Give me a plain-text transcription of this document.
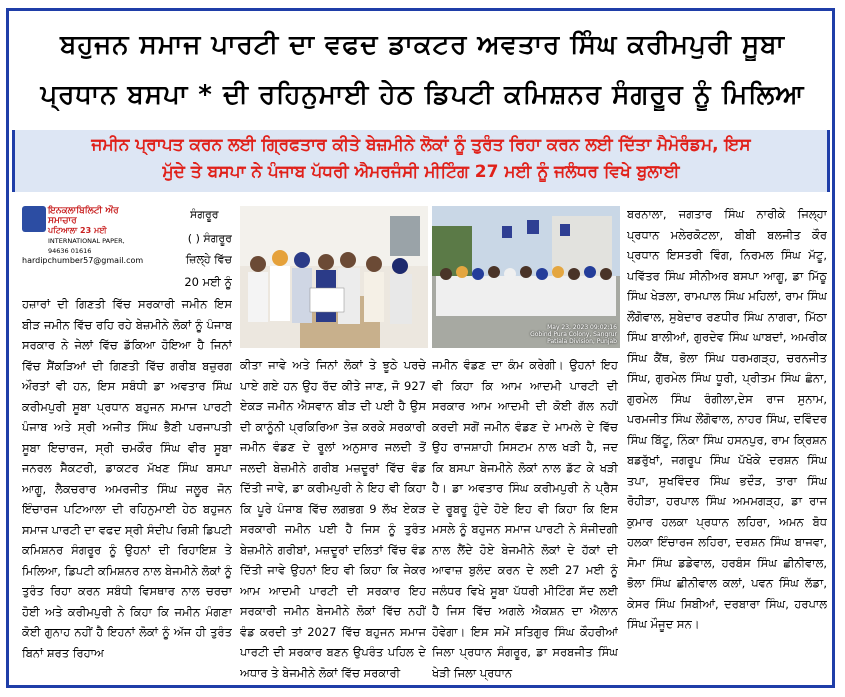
ਬਹੁਜਨ ਸਮਾਜ ਪਾਰਟੀ ਦਾ ਵਫਦ ਡਾਕਟਰ ਅਵਤਾਰ ਸਿੰਘ ਕਰੀਮਪੁਰੀ ਸੂਬਾ
ਪ੍ਰਧਾਨ ਬਸਪਾ * ਦੀ ਰਹਿਨੁਮਾਈ ਹੇਠ ਡਿਪਟੀ ਕਮਿਸ਼ਨਰ ਸੰਗਰੂਰ ਨੂੰ ਮਿਲਿਆ
ਜਮੀਨ ਪ੍ਰਾਪਤ ਕਰਨ ਲਈ ਗ੍ਰਿਫਤਾਰ ਕੀਤੇ ਬੇਜ਼ਮੀਨੇ ਲੋਕਾਂ ਨੂੰ ਤੁਰੰਤ ਰਿਹਾ ਕਰਨ ਲਈ ਦਿੱਤਾ ਮੈਮੋਰੰਡਮ, ਇਸ
ਮੁੱਦੇ ਤੇ ਬਸਪਾ ਨੇ ਪੰਜਾਬ ਪੱਧਰੀ ਐਮਰਜੰਸੀ ਮੀਟਿੰਗ 27 ਮਈ ਨੂੰ ਜਲੰਧਰ ਵਿਖੇ ਬੁਲਾਈ
ਇਨਕਲਾਬਿਲਿਟੀ ਔਰ ਸਮਾਚਾਰ
ਪਟਿਆਲਾ 23 ਮਈ
INTERNATIONAL PAPER, 94636 01616
hardipchumber57@gmail.com
ਸੰਗਰੂਰ
( ) ਸੰਗਰੂਰ
ਜ਼ਿਲ੍ਹੇ ਵਿੱਚ
20 ਮਈ ਨੂੰ

ਹਜ਼ਾਰਾਂ ਦੀ ਗਿਣਤੀ ਵਿੱਚ ਸਰਕਾਰੀ ਜਮੀਨ ਇਸ ਬੀੜ ਜਮੀਨ ਵਿੱਚ ਰਹਿ ਰਹੇ ਬੇਜ਼ਮੀਨੇ ਲੋਕਾਂ ਨੂੰ ਪੰਜਾਬ ਸਰਕਾਰ ਨੇ ਜੇਲਾਂ ਵਿੱਚ ਡੱਕਿਆ ਹੋਇਆ ਹੈ ਜਿਨਾਂ ਵਿੱਚ ਸੈਂਕੜਿਆਂ ਦੀ ਗਿਣਤੀ ਵਿੱਚ ਗਰੀਬ ਬਜ਼ੁਰਗ ਔਰਤਾਂ ਵੀ ਹਨ, ਇਸ ਸਬੰਧੀ ਡਾ ਅਵਤਾਰ ਸਿੰਘ ਕਰੀਮਪੁਰੀ ਸੂਬਾ ਪ੍ਰਧਾਨ ਬਹੁਜਨ ਸਮਾਜ ਪਾਰਟੀ ਪੰਜਾਬ ਅਤੇ ਸ੍ਰੀ ਅਜੀਤ ਸਿੰਘ ਭੈਣੀ ਪਰਜਾਪਤੀ ਸੂਬਾ ਇਚਾਰਜ, ਸ੍ਰੀ ਚਮਕੌਰ ਸਿੰਘ ਵੀਰ ਸੂਬਾ ਜਨਰਲ ਸੈਕਟਰੀ, ਡਾਕਟਰ ਮੱਖਣ ਸਿੰਘ ਬਸਪਾ ਆਗੂ, ਲੈਕਚਰਾਰ ਅਮਰਜੀਤ ਸਿੰਘ ਜਲੂਰ ਜੋਨ ਇੰਚਾਰਜ ਪਟਿਆਲਾ ਦੀ ਰਹਿਨੁਮਾਈ ਹੇਠ ਬਹੁਜਨ ਸਮਾਜ ਪਾਰਟੀ ਦਾ ਵਫਦ ਸ੍ਰੀ ਸੰਦੀਪ ਰਿਸ਼ੀ ਡਿਪਟੀ ਕਮਿਸ਼ਨਰ ਸੰਗਰੂਰ ਨੂੰ ਉਹਨਾਂ ਦੀ ਰਿਹਾਇਸ਼ ਤੇ ਮਿਲਿਆ, ਡਿਪਟੀ ਕਮਿਸ਼ਨਰ ਨਾਲ ਬੇਜਮੀਨੇ ਲੋਕਾਂ ਨੂੰ ਤੁਰੰਤ ਰਿਹਾ ਕਰਨ ਸਬੰਧੀ ਵਿਸਥਾਰ ਨਾਲ ਚਰਚਾ ਹੋਈ ਅਤੇ ਕਰੀਮਪੁਰੀ ਨੇ ਕਿਹਾ ਕਿ ਜਮੀਨ ਮੰਗਣਾ ਕੋਈ ਗੁਨਾਹ ਨਹੀਂ ਹੈ ਇਹਨਾਂ ਲੋਕਾਂ ਨੂੰ ਅੱਜ ਹੀ ਤੁਰੰਤ ਬਿਨਾਂ ਸ਼ਰਤ ਰਿਹਾਅ

May 23, 2023 09:02:16
Gobind Pura Colony, Sangrur
Patiala Division, Punjab

ਕੀਤਾ ਜਾਵੇ ਅਤੇ ਜਿਨਾਂ ਲੋਕਾਂ ਤੇ ਝੂਠੇ ਪਰਚੇ ਪਾਏ ਗਏ ਹਨ ਉਹ ਰੱਦ ਕੀਤੇ ਜਾਣ, ਜੋ 927 ਏਕੜ ਜਮੀਨ ਐਸਵਾਨ ਬੀੜ ਦੀ ਪਈ ਹੈ ਉਸ ਦੀ ਕਾਨੂੰਨੀ ਪ੍ਰਕਿਰਿਆ ਤੇਜ਼ ਕਰਕੇ ਸਰਕਾਰੀ ਜਮੀਨ ਵੰਡਣ ਦੇ ਰੂਲਾਂ ਅਨੁਸਾਰ ਜਲਦੀ ਤੋਂ ਜਲਦੀ ਬੇਜ਼ਮੀਨੇ ਗਰੀਬ ਮਜ਼ਦੂਰਾਂ ਵਿੱਚ ਵੰਡ ਦਿੱਤੀ ਜਾਵੇ, ਡਾ ਕਰੀਮਪੁਰੀ ਨੇ ਇਹ ਵੀ ਕਿਹਾ ਕਿ ਪੂਰੇ ਪੰਜਾਬ ਵਿੱਚ ਲਗਭਗ 9 ਲੱਖ ਏਕੜ ਸਰਕਾਰੀ ਜਮੀਨ ਪਈ ਹੈ ਜਿਸ ਨੂੰ ਤੁਰੰਤ ਬੇਜ਼ਮੀਨੇ ਗਰੀਬਾਂ, ਮਜ਼ਦੂਰਾਂ ਦਲਿਤਾਂ ਵਿੱਚ ਵੰਡ ਦਿੱਤੀ ਜਾਵੇ ਉਹਨਾਂ ਇਹ ਵੀ ਕਿਹਾ ਕਿ ਜੇਕਰ ਆਮ ਆਦਮੀ ਪਾਰਟੀ ਦੀ ਸਰਕਾਰ ਇਹ ਸਰਕਾਰੀ ਜਮੀਨ ਬੇਜਮੀਨੇ ਲੋਕਾਂ ਵਿੱਚ ਨਹੀਂ ਵੰਡ ਕਰਦੀ ਤਾਂ 2027 ਵਿੱਚ ਬਹੁਜਨ ਸਮਾਜ ਪਾਰਟੀ ਦੀ ਸਰਕਾਰ ਬਣਨ ਉਪਰੰਤ ਪਹਿਲ ਦੇ ਅਧਾਰ ਤੇ ਬੇਜਮੀਨੇ ਲੋਕਾਂ ਵਿੱਚ ਸਰਕਾਰੀ

ਜਮੀਨ ਵੰਡਣ ਦਾ ਕੰਮ ਕਰੇਗੀ। ਉਹਨਾਂ ਇਹ ਵੀ ਕਿਹਾ ਕਿ ਆਮ ਆਦਮੀ ਪਾਰਟੀ ਦੀ ਸਰਕਾਰ ਆਮ ਆਦਮੀ ਦੀ ਕੋਈ ਗੱਲ ਨਹੀਂ ਕਰਦੀ ਸਗੋਂ ਜਮੀਨ ਵੰਡਣ ਦੇ ਮਾਮਲੇ ਦੇ ਵਿੱਚ ਉਹ ਰਾਜਸ਼ਾਹੀ ਸਿਸਟਮ ਨਾਲ ਖੜੀ ਹੈ, ਜਦ ਕਿ ਬਸਪਾ ਬੇਜਮੀਨੇ ਲੋਕਾਂ ਨਾਲ ਡੱਟ ਕੇ ਖੜੀ ਹੈ। ਡਾ ਅਵਤਾਰ ਸਿੰਘ ਕਰੀਮਪੁਰੀ ਨੇ ਪ੍ਰੈਸ ਦੇ ਰੂਬਰੂ ਹੁੰਦੇ ਹੋਏ ਇਹ ਵੀ ਕਿਹਾ ਕਿ ਇਸ ਮਸਲੇ ਨੂੰ ਬਹੁਜਨ ਸਮਾਜ ਪਾਰਟੀ ਨੇ ਸੰਜੀਦਗੀ ਨਾਲ ਲੈਂਦੇ ਹੋਏ ਬੇਜਮੀਨੇ ਲੋਕਾਂ ਦੇ ਹੱਕਾਂ ਦੀ ਆਵਾਜ਼ ਬੁਲੰਦ ਕਰਨ ਦੇ ਲਈ 27 ਮਈ ਨੂੰ ਜਲੰਧਰ ਵਿਖੇ ਸੂਬਾ ਪੱਧਰੀ ਮੀਟਿੰਗ ਸੱਦ ਲਈ ਹੈ ਜਿਸ ਵਿੱਚ ਅਗਲੇ ਐਕਸ਼ਨ ਦਾ ਐਲਾਨ ਹੋਵੇਗਾ। ਇਸ ਸਮੇਂ ਸਤਿਗੁਰ ਸਿੰਘ ਕੌਹਰੀਆਂ ਜਿਲਾ ਪ੍ਰਧਾਨ ਸੰਗਰੂਰ, ਡਾ ਸਰਬਜੀਤ ਸਿੰਘ ਖੇੜੀ ਜਿਲਾ ਪ੍ਰਧਾਨ

ਬਰਨਾਲਾ, ਜਗਤਾਰ ਸਿੰਘ ਨਾਰੀਕੇ ਜਿਲ੍ਹਾ ਪ੍ਰਧਾਨ ਮਲੇਰਕੋਟਲਾ, ਬੀਬੀ ਬਲਜੀਤ ਕੌਰ ਪ੍ਰਧਾਨ ਇਸਤਰੀ ਵਿੰਗ, ਨਿਰਮਲ ਸਿੰਘ ਮੱਟੂ, ਪਵਿੱਤਰ ਸਿੰਘ ਸੀਨੀਅਰ ਬਸਪਾ ਆਗੂ, ਡਾ ਮਿੱਠੂ ਸਿੰਘ ਖੇੜਲਾ, ਰਾਮਪਾਲ ਸਿੰਘ ਮਹਿਲਾਂ, ਰਾਮ ਸਿੰਘ ਲੌਂਗੋਵਾਲ, ਸੁਬੇਦਾਰ ਰਣਧੀਰ ਸਿੰਘ ਨਾਗਰਾ, ਮਿੱਠਾ ਸਿੰਘ ਬਾਲੀਆਂ, ਗੁਰਦੇਵ ਸਿੰਘ ਘਾਬਦਾਂ, ਅਮਰੀਕ ਸਿੰਘ ਕੈਂਥ, ਭੋਲਾ ਸਿੰਘ ਧਰਮਗੜ੍ਹ, ਚਰਨਜੀਤ ਸਿੰਘ, ਗੁਰਮੇਲ ਸਿੰਘ ਧੂਰੀ, ਪ੍ਰੀਤਮ ਸਿੰਘ ਛੰਨਾ, ਗੁਰਮੇਲ ਸਿੰਘ ਰੰਗੀਲਾ,ਦੇਸ ਰਾਜ ਸੁਨਾਮ, ਪਰਮਜੀਤ ਸਿੰਘ ਲੌਂਗੋਵਾਲ, ਨਾਹਰ ਸਿੰਘ, ਦਵਿੰਦਰ ਸਿੰਘ ਬਿੱਟੂ, ਨਿੰਕਾ ਸਿੰਘ ਹਸਨਪੁਰ, ਰਾਮ ਕ੍ਰਿਸ਼ਨ ਬਡਰੁੱਖਾਂ, ਜਗਰੂਪ ਸਿੰਘ ਪੱਖੋਕੇ ਦਰਸ਼ਨ ਸਿੰਘ ਤਪਾ, ਸੁਖਵਿੰਦਰ ਸਿੰਘ ਭਦੌੜ, ਤਾਰਾ ਸਿੰਘ ਰੋਹੀੜਾ, ਹਰਪਾਲ ਸਿੰਘ ਅਮਮਗੜ੍ਹ, ਡਾ ਰਾਜ ਕੁਮਾਰ ਹਲਕਾ ਪ੍ਰਧਾਨ ਲਹਿਰਾ, ਅਮਨ ਬੋਧ ਹਲਕਾ ਇੰਚਾਰਜ ਲਹਿਰਾ, ਦਰਸ਼ਨ ਸਿੰਘ ਬਾਜਵਾ, ਸੋਮਾ ਸਿੰਘ ਡਡੇਵਾਲ, ਹਰਬੰਸ ਸਿੰਘ ਛੀਨੀਵਾਲ, ਭੋਲਾ ਸਿੰਘ ਛੀਨੀਵਾਲ ਕਲਾਂ, ਪਵਨ ਸਿੰਘ ਲੱਡਾ, ਕੇਸਰ ਸਿੰਘ ਸਿਬੀਆਂ, ਦਰਬਾਰਾ ਸਿੰਘ, ਹਰਪਾਲ ਸਿੰਘ ਮੌਜੂਦ ਸਨ।
